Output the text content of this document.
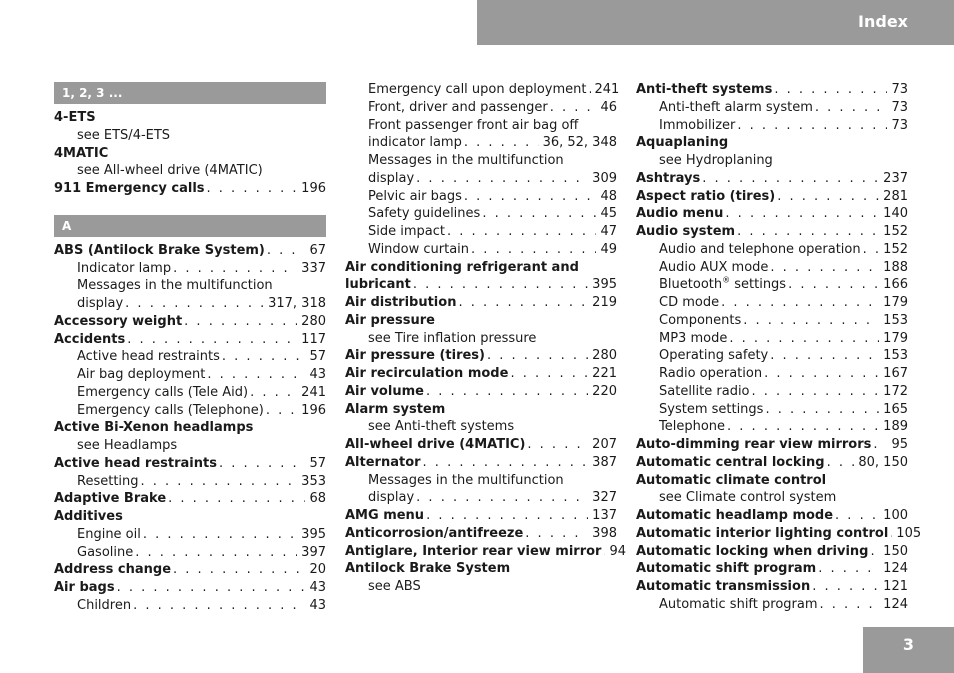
Index
1, 2, 3 ...
4-ETS
see ETS/4-ETS
4MATIC
see All-wheel drive (4MATIC)
911 Emergency calls . . .	196
A
ABS (Antilock Brake System) . . .	67
Indicator lamp . . .	337
Messages in the multifunction
display . . .	317, 318
Accessory weight . . .	280
Accidents . . .	117
Active head restraints . . .	57
Air bag deployment . . .	43
Emergency calls (Tele Aid) . . .	241
Emergency calls (Telephone) . . .	196
Active Bi-Xenon headlamps
see Headlamps
Active head restraints . . .	57
Resetting . . .	353
Adaptive Brake . . .	68
Additives
Engine oil . . .	395
Gasoline . . .	397
Address change . . .	20
Air bags . . .	43
Children . . .	43
Emergency call upon deployment . . . 241
Front, driver and passenger . . .	46
Front passenger front air bag off
indicator lamp . . .	36, 52, 348
Messages in the multifunction
display . . .	309
Pelvic air bags . . .	48
Safety guidelines . . .	45
Side impact . . .	47
Window curtain . . .	49
Air conditioning refrigerant and
lubricant . . .	395
Air distribution . . .	219
Air pressure
see Tire inflation pressure
Air pressure (tires) . . .	280
Air recirculation mode . . .	221
Air volume . . .	220
Alarm system
see Anti-theft systems
All-wheel drive (4MATIC) . . .	207
Alternator . . .	387
Messages in the multifunction
display . . .	327
AMG menu . . .	137
Anticorrosion/antifreeze . . .	398
Antiglare, Interior rear view mirror . . . 94
Antilock Brake System
see ABS
Anti-theft systems . . .	73
Anti-theft alarm system . . .	73
Immobilizer . . .	73
Aquaplaning
see Hydroplaning
Ashtrays . . .	237
Aspect ratio (tires) . . .	281
Audio menu . . .	140
Audio system . . .	152
Audio and telephone operation . . .	152
Audio AUX mode . . .	188
Bluetooth® settings . . .	166
CD mode . . .	179
Components . . .	153
MP3 mode . . .	179
Operating safety . . .	153
Radio operation . . .	167
Satellite radio . . .	172
System settings . . .	165
Telephone . . .	189
Auto-dimming rear view mirrors . . .	95
Automatic central locking . . .	80, 150
Automatic climate control
see Climate control system
Automatic headlamp mode . . .	100
Automatic interior lighting control . . . 105
Automatic locking when driving . . .	150
Automatic shift program . . .	124
Automatic transmission . . .	121
Automatic shift program . . .	124
3
